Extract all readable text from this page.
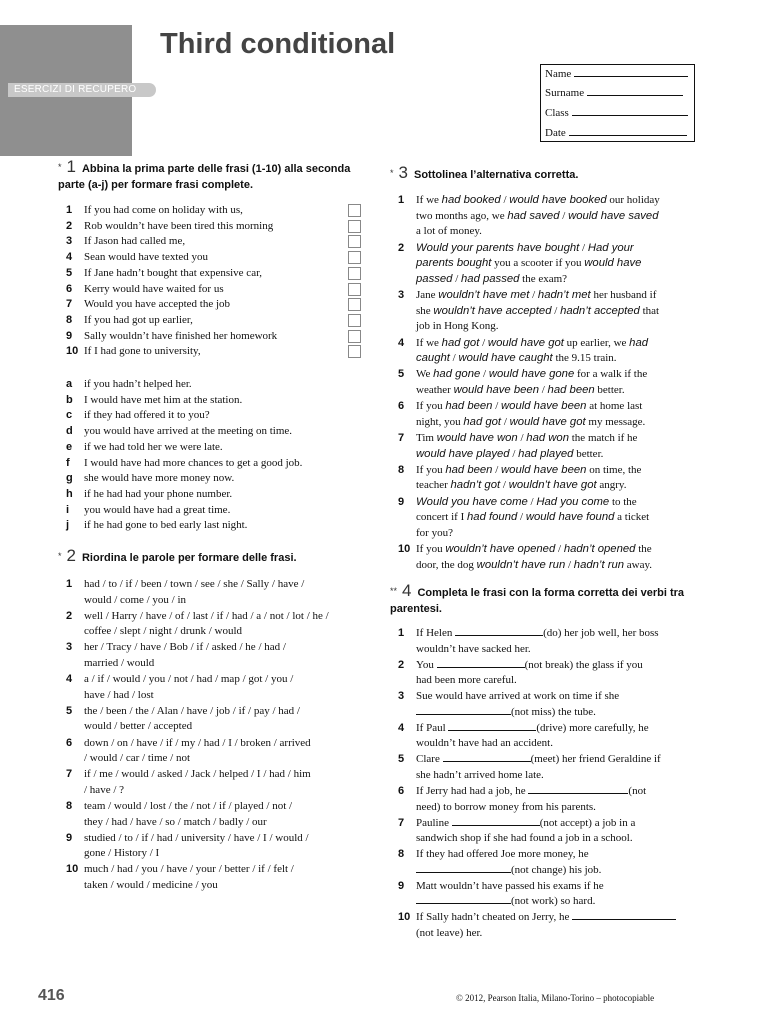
ESERCIZI DI RECUPERO
Third conditional
Name
Surname
Class
Date
* 1 Abbina la prima parte delle frasi (1-10) alla seconda parte (a-j) per formare frasi complete.
* 2 Riordina le parole per formare delle frasi.
* 3 Sottolinea l’alternativa corretta.
** 4 Completa le frasi con la forma corretta dei verbi tra parentesi.
1	If you had come on holiday with us,
2	Rob wouldn’t have been tired this morning
3	If Jason had called me,
4	Sean would have texted you
5	If Jane hadn’t bought that expensive car,
6	Kerry would have waited for us
7	Would you have accepted the job
8	If you had got up earlier,
9	Sally wouldn’t have finished her homework
10 If I had gone to university,
a	if you hadn’t helped her.
b	I would have met him at the station.
c	if they had offered it to you?
d	you would have arrived at the meeting on time.
e	if we had told her we were late.
f	I would have had more chances to get a good job.
g	she would have more money now.
h	if he had had your phone number.
i	you would have had a great time.
j	if he had gone to bed early last night.
1	had / to / if / been / town / see / she / Sally / have /
would / come / you / in
2	well / Harry / have / of / last / if / had / a / not / lot / he /
coffee / slept / night / drunk / would
3	her / Tracy / have / Bob / if / asked / he / had /
married / would
4	a / if / would / you / not / had / map / got / you /
have / had / lost
5	the / been / the / Alan / have / job / if / pay / had /
would / better / accepted
6	down / on / have / if / my / had / I / broken / arrived
/ would / car / time / not
7	if / me / would / asked / Jack / helped / I / had / him
/ have / ?
8	team / would / lost / the / not / if / played / not /
they / had / have / so / match / badly / our
9	studied / to / if / had / university / have / I / would /
gone / History / I
10 much / had / you / have / your / better / if / felt /
taken / would / medicine / you
1	If we had booked / would have booked our holiday
two months ago, we had saved / would have saved
a lot of money.
2	Would your parents have bought / Had your
parents bought you a scooter if you would have
passed / had passed the exam?
3	Jane wouldn’t have met / hadn’t met her husband if
she wouldn’t have accepted / hadn’t accepted that
job in Hong Kong.
4	If we had got / would have got up earlier, we had
caught / would have caught the 9.15 train.
5	We had gone / would have gone for a walk if the
weather would have been / had been better.
6	If you had been / would have been at home last
night, you had got / would have got my message.
7	Tim would have won / had won the match if he
would have played / had played better.
8	If you had been / would have been on time, the
teacher hadn’t got / wouldn’t have got angry.
9	Would you have come / Had you come to the
concert if I had found / would have found a ticket
for you?
10 If you wouldn’t have opened / hadn’t opened the
door, the dog wouldn’t have run / hadn’t run away.
1	If Helen	(do) her job well, her boss
wouldn’t have sacked her.
2	You	(not break) the glass if you
had been more careful.
3	Sue would have arrived at work on time if she
(not miss) the tube.
4	If Paul	(drive) more carefully, he
wouldn’t have had an accident.
5	Clare	(meet) her friend Geraldine if
she hadn’t arrived home late.
6	If Jerry had had a job, he	(not
need) to borrow money from his parents.
7	Pauline	(not accept) a job in a
sandwich shop if she had found a job in a school.
8	If they had offered Joe more money, he
(not change) his job.
9	Matt wouldn’t have passed his exams if he
(not work) so hard.
10 If Sally hadn’t cheated on Jerry, he
(not leave) her.
416	© 2012, Pearson Italia, Milano-Torino – photocopiable
